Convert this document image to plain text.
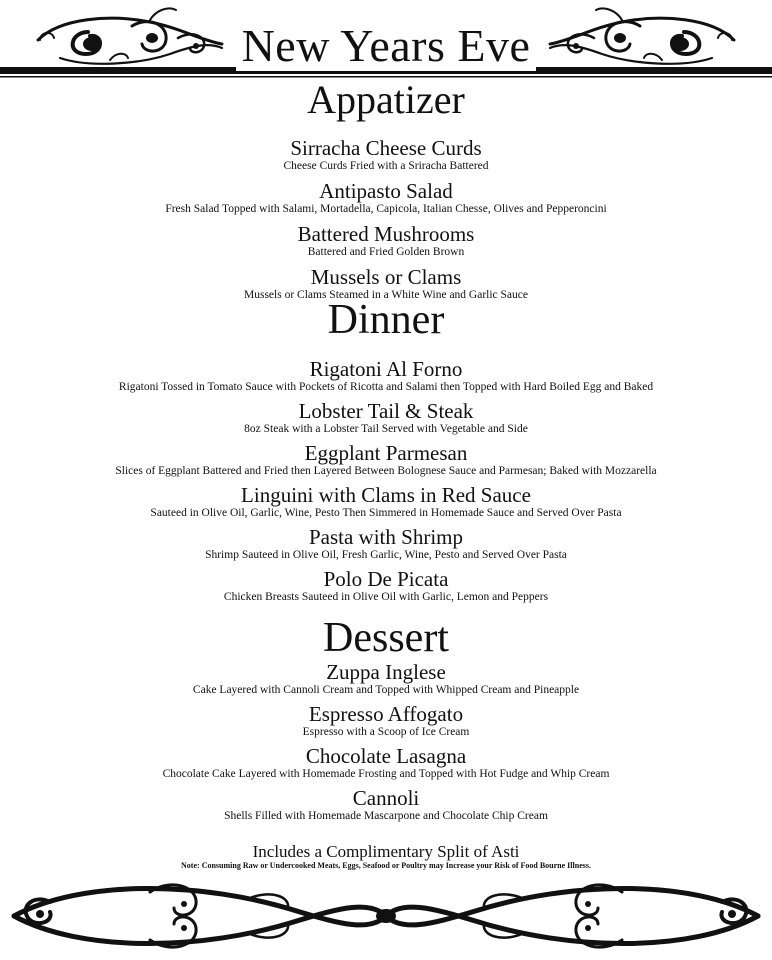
New Years Eve
Appatizer
Sirracha Cheese Curds
Cheese Curds Fried with a Sriracha Battered
Antipasto Salad
Fresh Salad Topped with Salami, Mortadella, Capicola, Italian Chesse, Olives and Pepperoncini
Battered Mushrooms
Battered and Fried Golden Brown
Mussels or Clams
Mussels or Clams Steamed in a White Wine and Garlic Sauce
Dinner
Rigatoni Al Forno
Rigatoni Tossed in Tomato Sauce with Pockets of Ricotta and Salami then Topped with Hard Boiled Egg and Baked
Lobster Tail & Steak
8oz Steak with a Lobster Tail Served with Vegetable and Side
Eggplant Parmesan
Slices of Eggplant Battered and Fried then Layered Between Bolognese Sauce and Parmesan; Baked with Mozzarella
Linguini with Clams in Red Sauce
Sauteed in Olive Oil, Garlic, Wine, Pesto Then Simmered in Homemade Sauce and Served Over Pasta
Pasta with Shrimp
Shrimp Sauteed in Olive Oil, Fresh Garlic, Wine, Pesto and Served Over Pasta
Polo De Picata
Chicken Breasts Sauteed in Olive Oil with Garlic, Lemon and Peppers
Dessert
Zuppa Inglese
Cake Layered with Cannoli Cream and Topped with Whipped Cream and Pineapple
Espresso Affogato
Espresso with a Scoop of Ice Cream
Chocolate Lasagna
Chocolate Cake Layered with Homemade Frosting and Topped with Hot Fudge and Whip Cream
Cannoli
Shells Filled with Homemade Mascarpone and Chocolate Chip Cream
Includes a Complimentary Split of Asti
Note: Consuming Raw or Undercooked Meats, Eggs, Seafood or Poultry may Increase your Risk of Food Bourne Illness.
